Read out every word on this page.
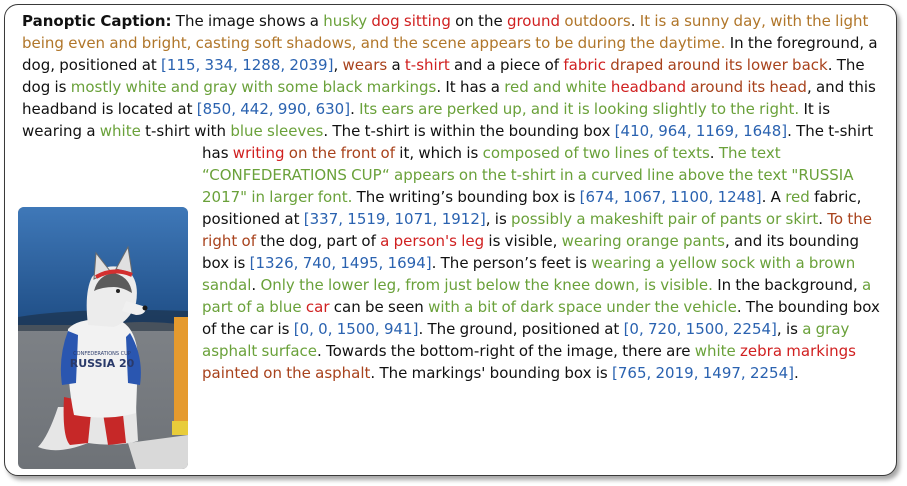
CONFEDERATIONS CUP
RUSSIA 20
Panoptic Caption: The image shows a husky dog sitting on the ground outdoors. It is a sunny day, with the light being even and bright, casting soft shadows, and the scene appears to be during the daytime. In the foreground, a dog, positioned at [115, 334, 1288, 2039], wears a t-shirt and a piece of fabric draped around its lower back. The dog is mostly white and gray with some black markings. It has a red and white headband around its head, and this headband is located at [850, 442, 990, 630]. Its ears are perked up, and it is looking slightly to the right. It is wearing a white t-shirt with blue sleeves. The t-shirt is within the bounding box [410, 964, 1169, 1648]. The t-shirt has writing on the front of it, which is composed of two lines of texts.
The text “CONFEDERATIONS CUP“ appears on the t-shirt in a curved line above the text "RUSSIA 2017" in larger font. The writing’s bounding box is [674, 1067, 1100, 1248]. A red fabric, positioned at [337, 1519, 1071, 1912], is possibly a makeshift pair of pants or skirt. To the right of the dog, part of a person's leg is visible, wearing orange pants, and its bounding box is [1326, 740, 1495, 1694]. The person’s feet is wearing a yellow sock with a brown sandal. Only the lower leg, from just below the knee down, is visible. In the background, a part of a blue car can be seen with a bit of dark space under the vehicle. The bounding box of the car is [0, 0, 1500, 941]. The ground, positioned at [0, 720, 1500, 2254], is a gray asphalt surface. Towards the bottom-right of the image, there are white zebra markings painted on the asphalt. The markings' bounding box is [765, 2019, 1497, 2254].
